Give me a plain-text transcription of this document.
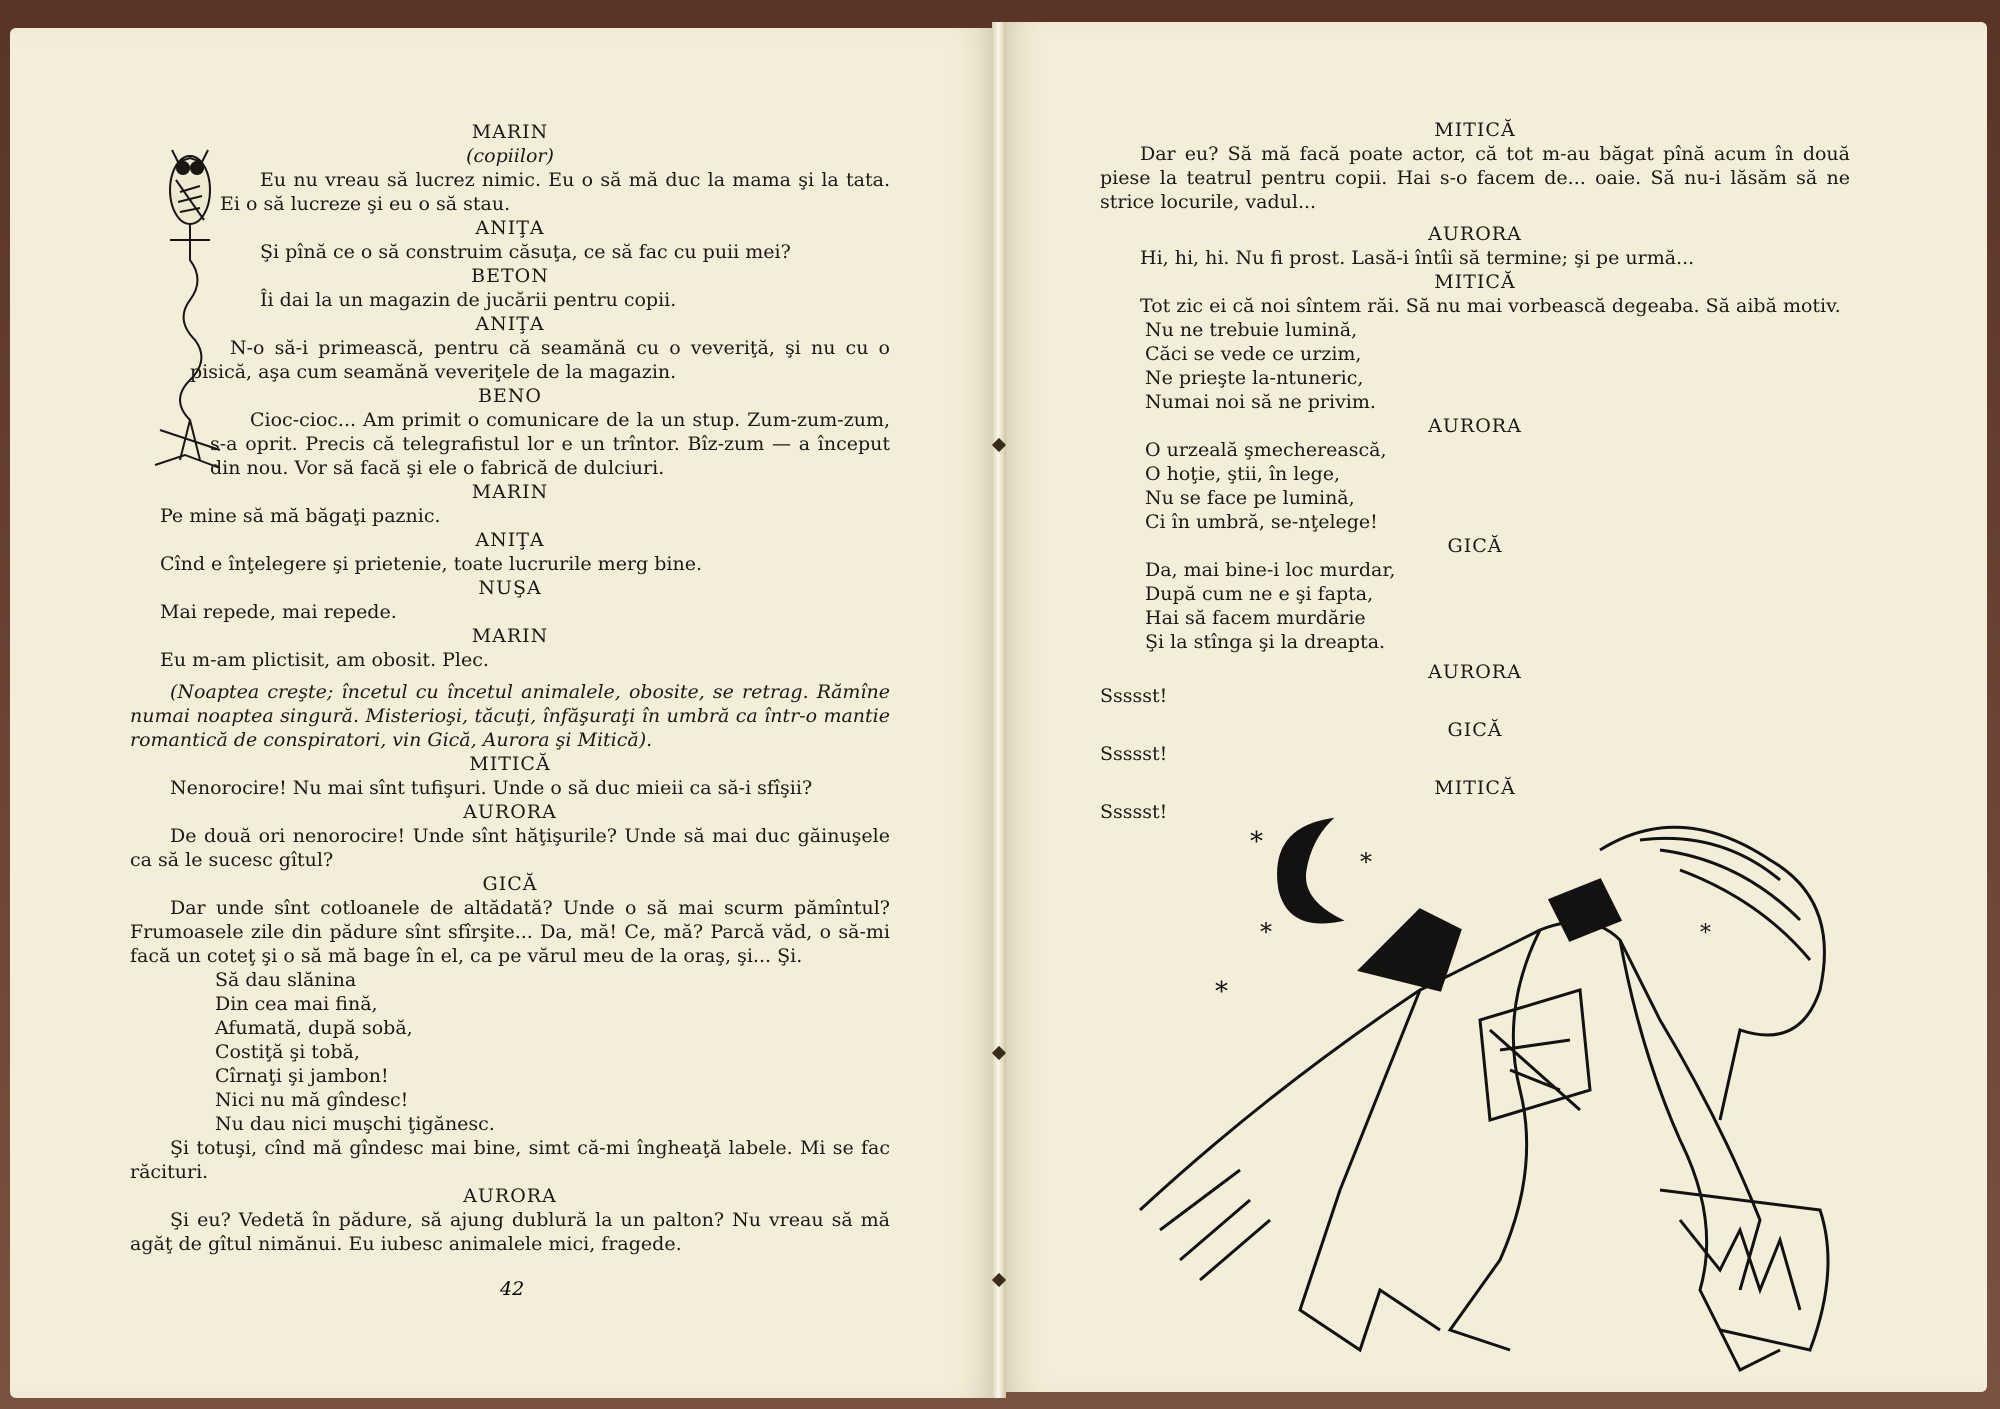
MARIN

(copiilor)

Eu nu vreau să lucrez nimic. Eu o să mă duc la mama şi la tata. Ei o să lucreze şi eu o să stau.

ANIŢA

Şi pînă ce o să construim căsuţa, ce să fac cu puii mei?

BETON

Îi dai la un magazin de jucării pentru copii.

ANIŢA

N-o să-i primească, pentru că seamănă cu o veveriţă, şi nu cu o pisică, aşa cum seamănă veveriţele de la magazin.

BENO

Cioc-cioc... Am primit o comunicare de la un stup. Zum-zum-zum, s-a oprit. Precis că telegrafistul lor e un trîntor. Bîz-zum — a început din nou. Vor să facă şi ele o fabrică de dulciuri.

MARIN

Pe mine să mă băgaţi paznic.

ANIŢA

Cînd e înţelegere şi prietenie, toate lucrurile merg bine.

NUŞA

Mai repede, mai repede.

MARIN

Eu m-am plictisit, am obosit. Plec.

(Noaptea creşte; încetul cu încetul animalele, obosite, se retrag. Rămîne numai noaptea singură. Misterioşi, tăcuţi, înfăşuraţi în umbră ca într-o mantie romantică de conspiratori, vin Gică, Aurora şi Mitică).

MITICĂ

Nenorocire! Nu mai sînt tufişuri. Unde o să duc mieii ca să-i sfîşii?

AURORA

De două ori nenorocire! Unde sînt hăţişurile? Unde să mai duc găinuşele ca să le sucesc gîtul?

GICĂ

Dar unde sînt cotloanele de altădată? Unde o să mai scurm pămîntul? Frumoasele zile din pădure sînt sfîrşite... Da, mă! Ce, mă? Parcă văd, o să-mi facă un coteţ şi o să mă bage în el, ca pe vărul meu de la oraş, şi... Şi.

Să dau slănina
Din cea mai fină,
Afumată, după sobă,
Costiţă şi tobă,
Cîrnaţi şi jambon!
Nici nu mă gîndesc!
Nu dau nici muşchi ţigănesc.

Şi totuşi, cînd mă gîndesc mai bine, simt că-mi îngheaţă labele. Mi se fac răcituri.

AURORA

Şi eu? Vedetă în pădure, să ajung dublură la un palton? Nu vreau să mă agăţ de gîtul nimănui. Eu iubesc animalele mici, fragede.

42

MITICĂ

Dar eu? Să mă facă poate actor, că tot m-au băgat pînă acum în două piese la teatrul pentru copii. Hai s-o facem de... oaie. Să nu-i lăsăm să ne strice locurile, vadul...

AURORA

Hi, hi, hi. Nu fi prost. Lasă-i întîi să termine; şi pe urmă...

MITICĂ

Tot zic ei că noi sîntem răi. Să nu mai vorbească degeaba. Să aibă motiv.

Nu ne trebuie lumină,
Căci se vede ce urzim,
Ne prieşte la-ntuneric,
Numai noi să ne privim.

AURORA

O urzeală şmecherească,
O hoţie, ştii, în lege,
Nu se face pe lumină,
Ci în umbră, se-nţelege!

GICĂ

Da, mai bine-i loc murdar,
După cum ne e şi fapta,
Hai să facem murdărie
Şi la stînga şi la dreapta.

AURORA

Ssssst!

GICĂ

Ssssst!

MITICĂ

Ssssst!

*
*
*
*
*
